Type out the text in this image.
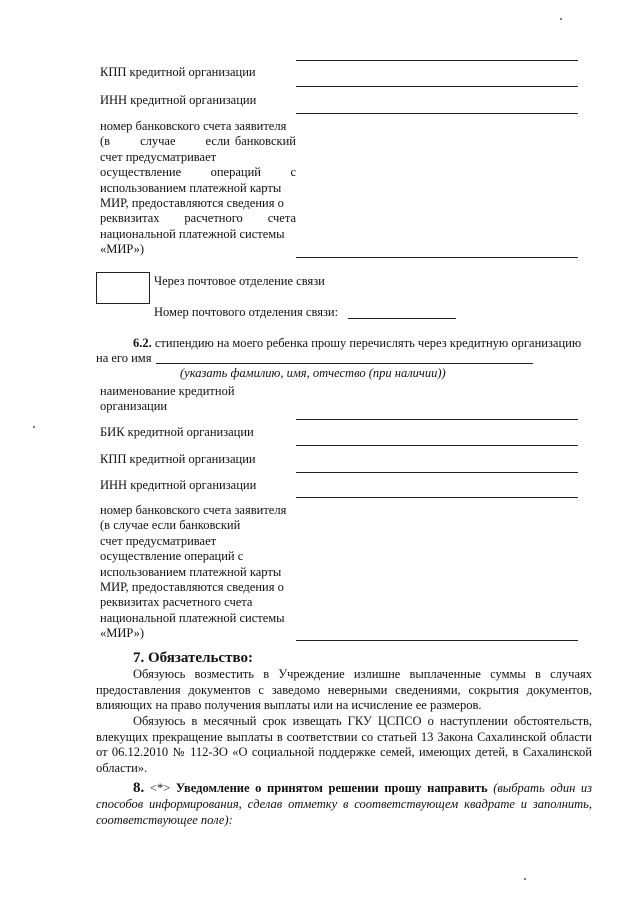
КПП кредитной организации
ИНН кредитной организации
номер банковского счета заявителя
(в      случае      если банковский
счет предусматривает
осуществление      операций      с
использованием платежной карты
МИР, предоставляются сведения о
реквизитах      расчетного      счета
национальной платежной системы
«МИР»)
Через почтовое отделение связи
Номер почтового отделения связи:
6.2. стипендию на моего ребенка прошу перечислять через кредитную организацию
на его имя
(указать фамилию, имя, отчество (при наличии))
наименование кредитной
организации
БИК кредитной организации
КПП кредитной организации
ИНН кредитной организации
номер банковского счета заявителя
(в случае если банковский
счет предусматривает
осуществление операций с
использованием платежной карты
МИР, предоставляются сведения о
реквизитах расчетного счета
национальной платежной системы
«МИР»)
7. Обязательство:
Обязуюсь возместить в Учреждение излишне выплаченные суммы в случаях предоставления документов с заведомо неверными сведениями, сокрытия документов, влияющих на право получения выплаты или на исчисление ее размеров.
Обязуюсь в месячный срок извещать ГКУ ЦСПСО о наступлении обстоятельств, влекущих прекращение выплаты в соответствии со статьей 13 Закона Сахалинской области от 06.12.2010 № 112-ЗО «О социальной поддержке семей, имеющих детей, в Сахалинской области».
8. <*> Уведомление о принятом решении прошу направить (выбрать один из способов информирования, сделав отметку в соответствующем квадрате и заполнить, соответствующее поле):
